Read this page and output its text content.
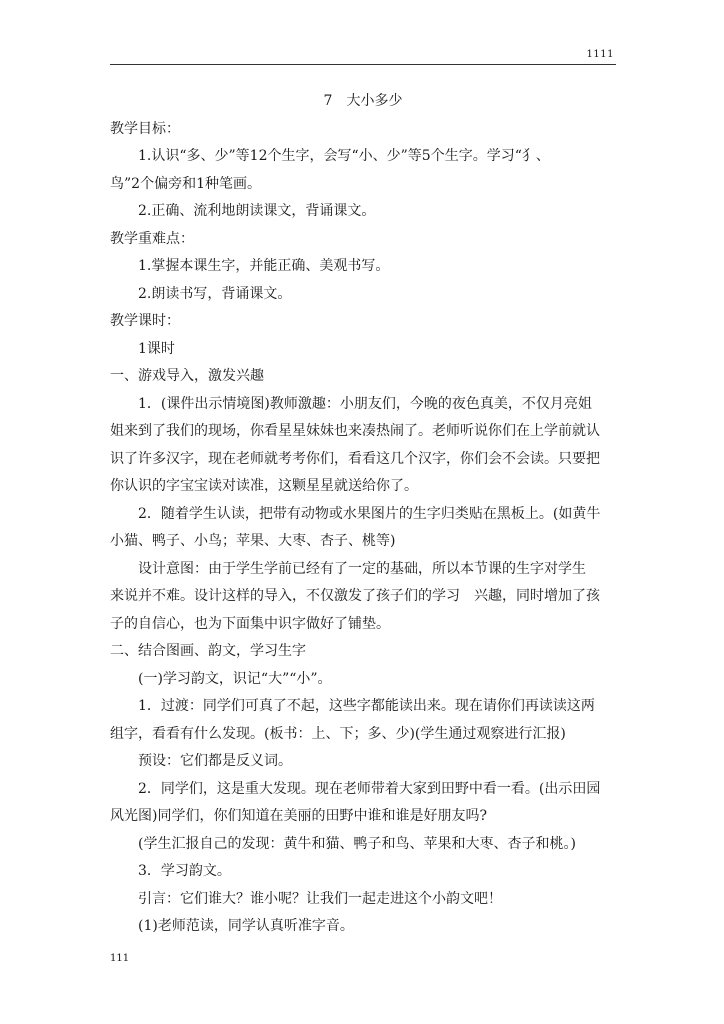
1111

7　大小多少

教学目标：

1.认识“多、少”等12个生字，会写“小、少”等5个生字。学习“犭、

鸟”2个偏旁和1种笔画。

2.正确、流利地朗读课文，背诵课文。

教学重难点：

1.掌握本课生字，并能正确、美观书写。

2.朗读书写，背诵课文。

教学课时：

1课时

一、游戏导入，激发兴趣

1．(课件出示情境图)教师激趣：小朋友们，今晚的夜色真美，不仅月亮姐

姐来到了我们的现场，你看星星妹妹也来凑热闹了。老师听说你们在上学前就认

识了许多汉字，现在老师就考考你们，看看这几个汉字，你们会不会读。只要把

你认识的字宝宝读对读准，这颗星星就送给你了。

2．随着学生认读，把带有动物或水果图片的生字归类贴在黑板上。(如黄牛

小猫、鸭子、小鸟；苹果、大枣、杏子、桃等)

设计意图：由于学生学前已经有了一定的基础，所以本节课的生字对学生

来说并不难。设计这样的导入，不仅激发了孩子们的学习　兴趣，同时增加了孩

子的自信心，也为下面集中识字做好了铺垫。

二、结合图画、韵文，学习生字

(一)学习韵文，识记“大”“小”。

1．过渡：同学们可真了不起，这些字都能读出来。现在请你们再读读这两

组字，看看有什么发现。(板书：上、下；多、少)(学生通过观察进行汇报)

预设：它们都是反义词。

2．同学们，这是重大发现。现在老师带着大家到田野中看一看。(出示田园

风光图)同学们，你们知道在美丽的田野中谁和谁是好朋友吗?

(学生汇报自己的发现：黄牛和猫、鸭子和鸟、苹果和大枣、杏子和桃。)

3．学习韵文。

引言：它们谁大？谁小呢？让我们一起走进这个小韵文吧！

(1)老师范读，同学认真听准字音。

111
